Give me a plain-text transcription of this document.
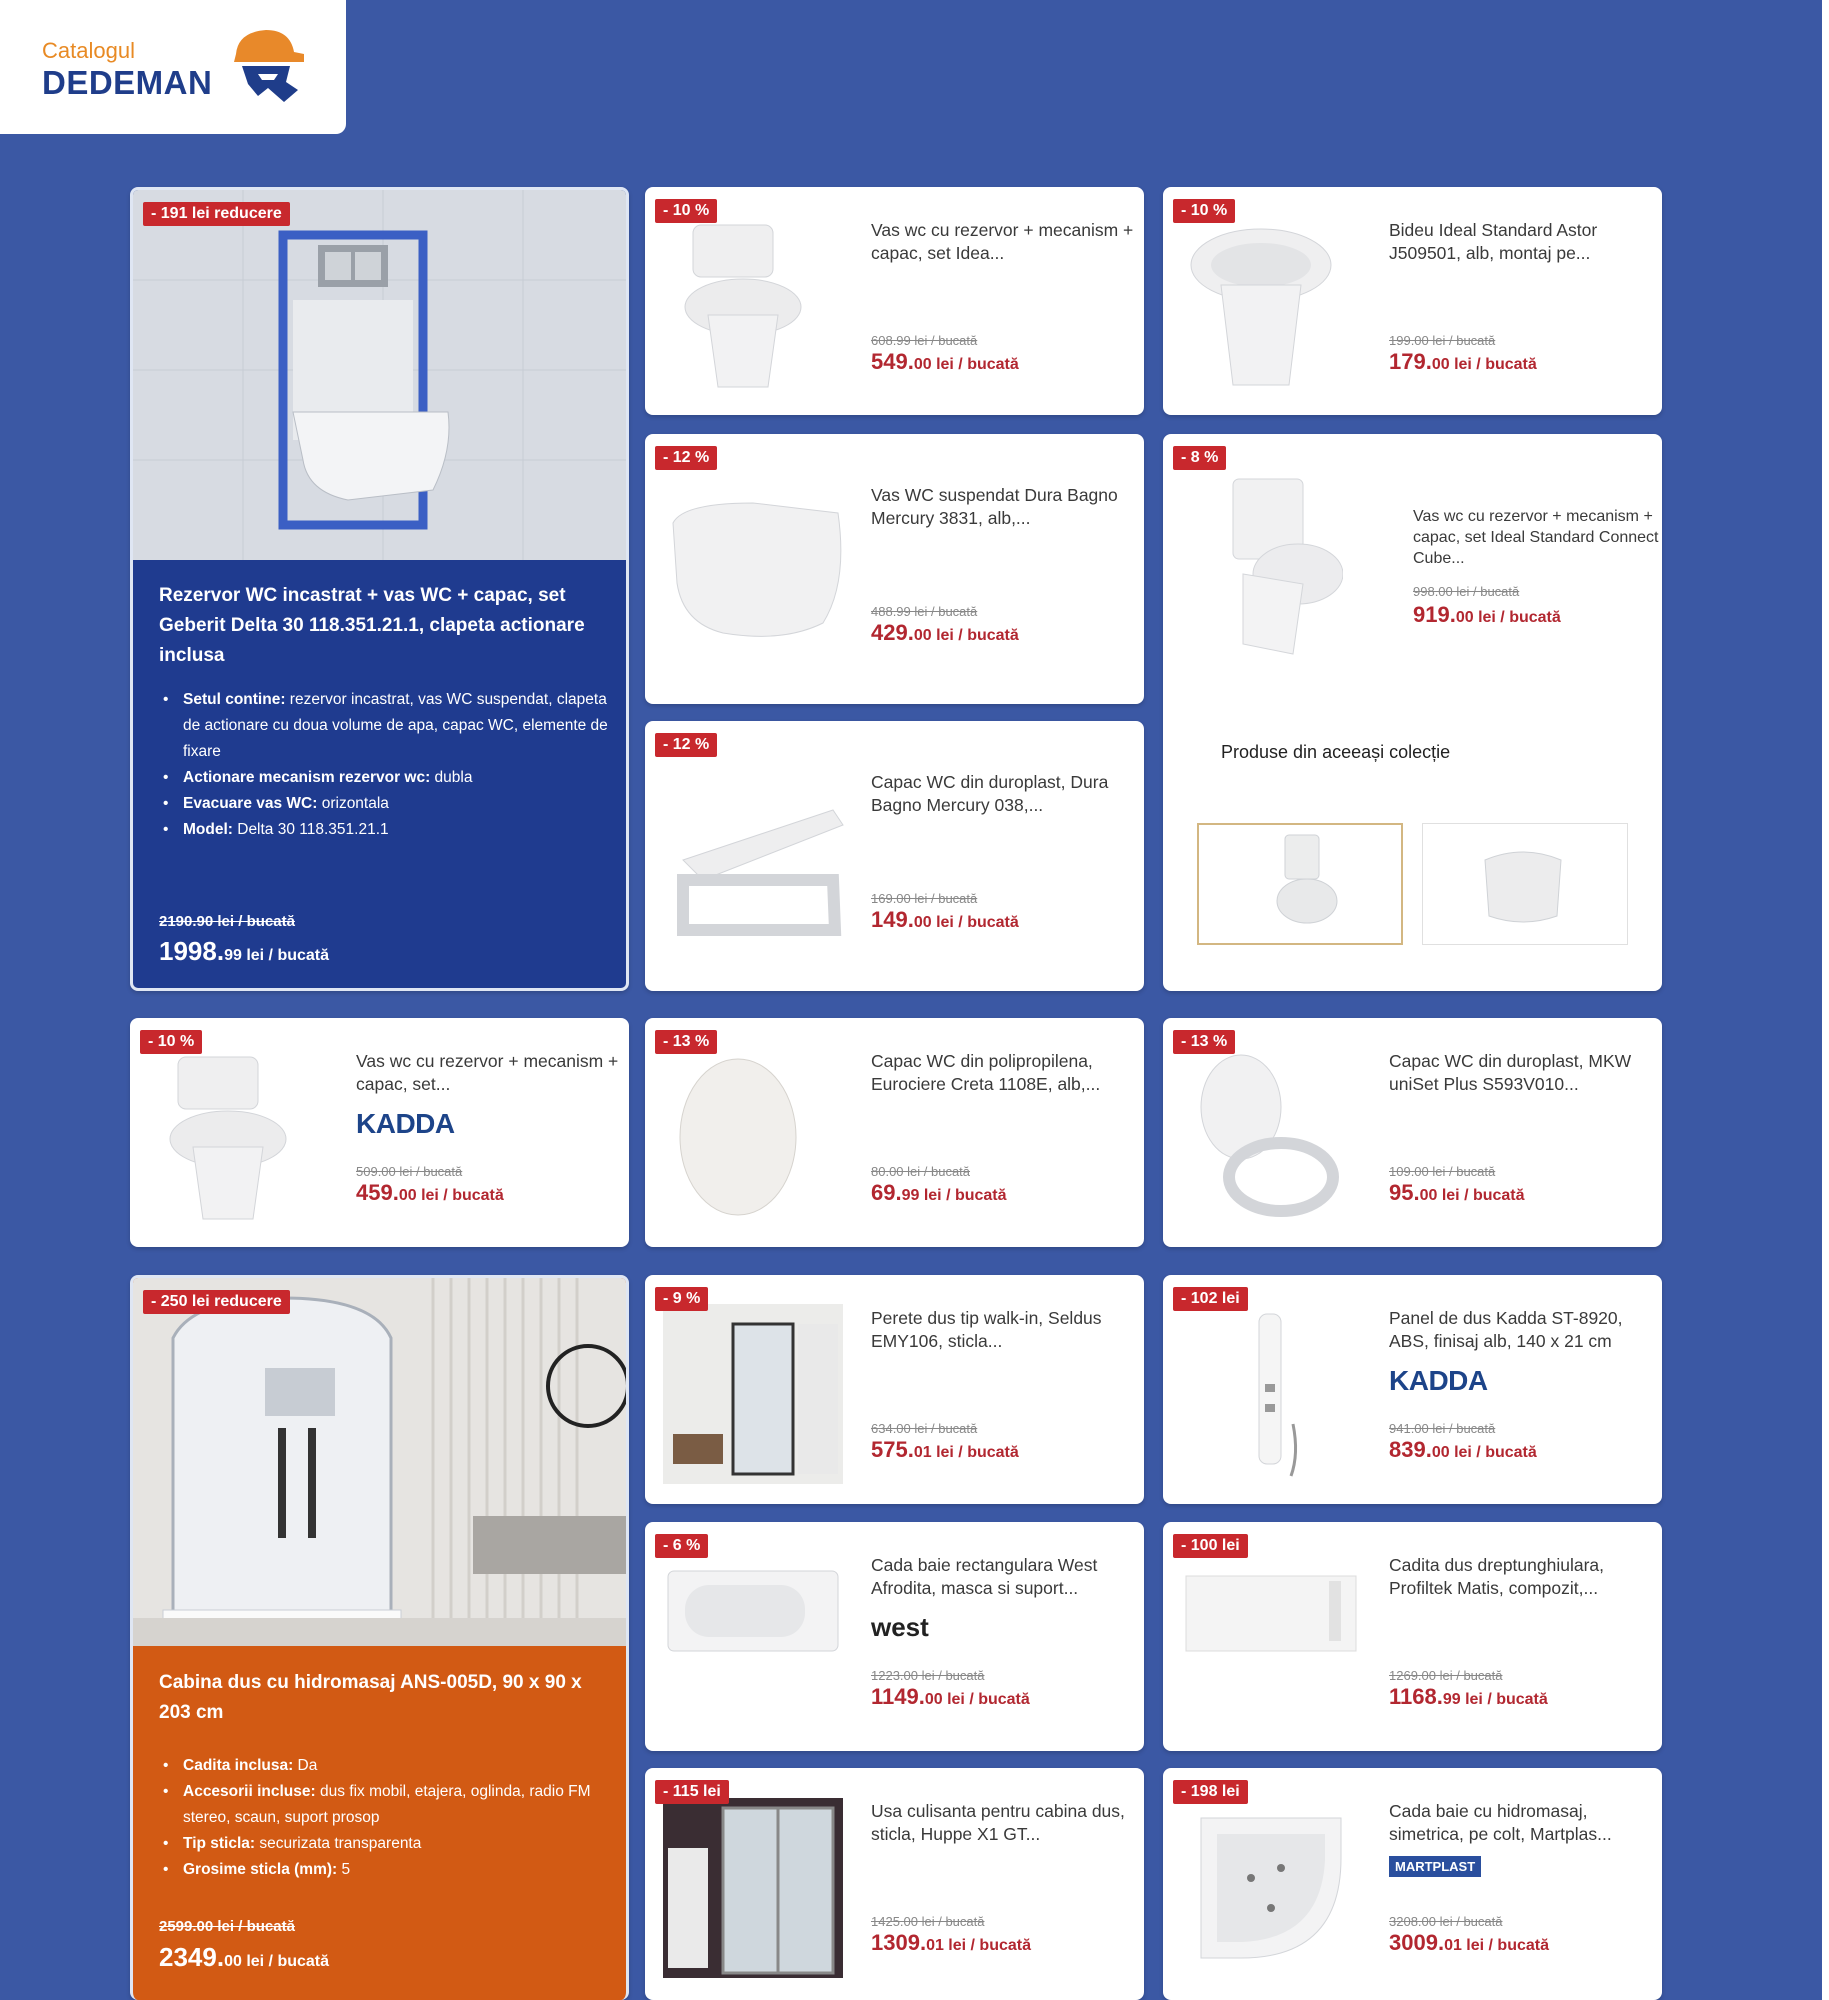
Catalogul
DEDEMAN
- 191 lei reducere
Rezervor WC incastrat + vas WC + capac, set Geberit Delta 30 118.351.21.1, clapeta actionare inclusa
• Setul contine: rezervor incastrat, vas WC suspendat, clapeta de actionare cu doua volume de apa, capac WC, elemente de fixare
• Actionare mecanism rezervor wc: dubla
• Evacuare vas WC: orizontala
• Model: Delta 30 118.351.21.1
2190.90 lei / bucată
1998.99 lei / bucată
- 250 lei reducere
Cabina dus cu hidromasaj ANS-005D, 90 x 90 x 203 cm
• Cadita inclusa: Da
• Accesorii incluse: dus fix mobil, etajera, oglinda, radio FM stereo, scaun, suport prosop
• Tip sticla: securizata transparenta
• Grosime sticla (mm): 5
2599.00 lei / bucată
2349.00 lei / bucată
- 8 %
Vas wc cu rezervor + mecanism + capac, set Ideal Standard Connect Cube...
998.00 lei / bucată
919.00 lei / bucată
Produse din aceeași colecție
- 10 %
Vas wc cu rezervor + mecanism + capac, set Idea...
608.99 lei / bucată
549.00 lei / bucată
- 10 %
Bideu Ideal Standard Astor J509501, alb, montaj pe...
199.00 lei / bucată
179.00 lei / bucată
- 12 %
Vas WC suspendat Dura Bagno Mercury 3831, alb,...
488.99 lei / bucată
429.00 lei / bucată
- 12 %
Capac WC din duroplast, Dura Bagno Mercury 038,...
169.00 lei / bucată
149.00 lei / bucată
- 10 %
Vas wc cu rezervor + mecanism + capac, set...
KADDA
509.00 lei / bucată
459.00 lei / bucată
- 13 %
Capac WC din polipropilena, Eurociere Creta 1108E, alb,...
80.00 lei / bucată
69.99 lei / bucată
- 13 %
Capac WC din duroplast, MKW uniSet Plus S593V010...
109.00 lei / bucată
95.00 lei / bucată
- 9 %
Perete dus tip walk-in, Seldus EMY106, sticla...
634.00 lei / bucată
575.01 lei / bucată
- 102 lei
Panel de dus Kadda ST-8920, ABS, finisaj alb, 140 x 21 cm
KADDA
941.00 lei / bucată
839.00 lei / bucată
- 6 %
Cada baie rectangulara West Afrodita, masca si suport...
west
1223.00 lei / bucată
1149.00 lei / bucată
- 100 lei
Cadita dus dreptunghiulara, Profiltek Matis, compozit,...
1269.00 lei / bucată
1168.99 lei / bucată
- 115 lei
Usa culisanta pentru cabina dus, sticla, Huppe X1 GT...
1425.00 lei / bucată
1309.01 lei / bucată
- 198 lei
Cada baie cu hidromasaj, simetrica, pe colt, Martplas...
MARTPLAST
3208.00 lei / bucată
3009.01 lei / bucată
